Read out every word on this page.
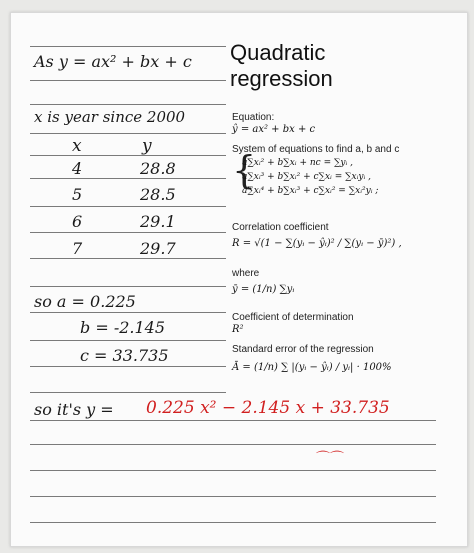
As y = ax² + bx + c
x is year since 2000
x	y
4	28.8
5	28.5
6	29.1
7	29.7
so a = 0.225
b = -2.145
c = 33.735
so it's y = 0.225 x² − 2.145 x + 33.735
⌒⌒
Quadratic
regression
Equation:
ŷ = ax² + bx + c
System of equations to find a, b and c
{
a∑xᵢ² + b∑xᵢ + nc = ∑yᵢ ,
a∑xᵢ³ + b∑xᵢ² + c∑xᵢ = ∑xᵢyᵢ ,
a∑xᵢ⁴ + b∑xᵢ³ + c∑xᵢ² = ∑xᵢ²yᵢ ;
Correlation coefficient
R = √(1 − ∑(yᵢ − ŷᵢ)² / ∑(yᵢ − ȳ)²) ,
where
ȳ = (1/n) ∑yᵢ
Coefficient of determination
R²
Standard error of the regression
Ā = (1/n) ∑ |(yᵢ − ŷᵢ) / yᵢ| · 100%
